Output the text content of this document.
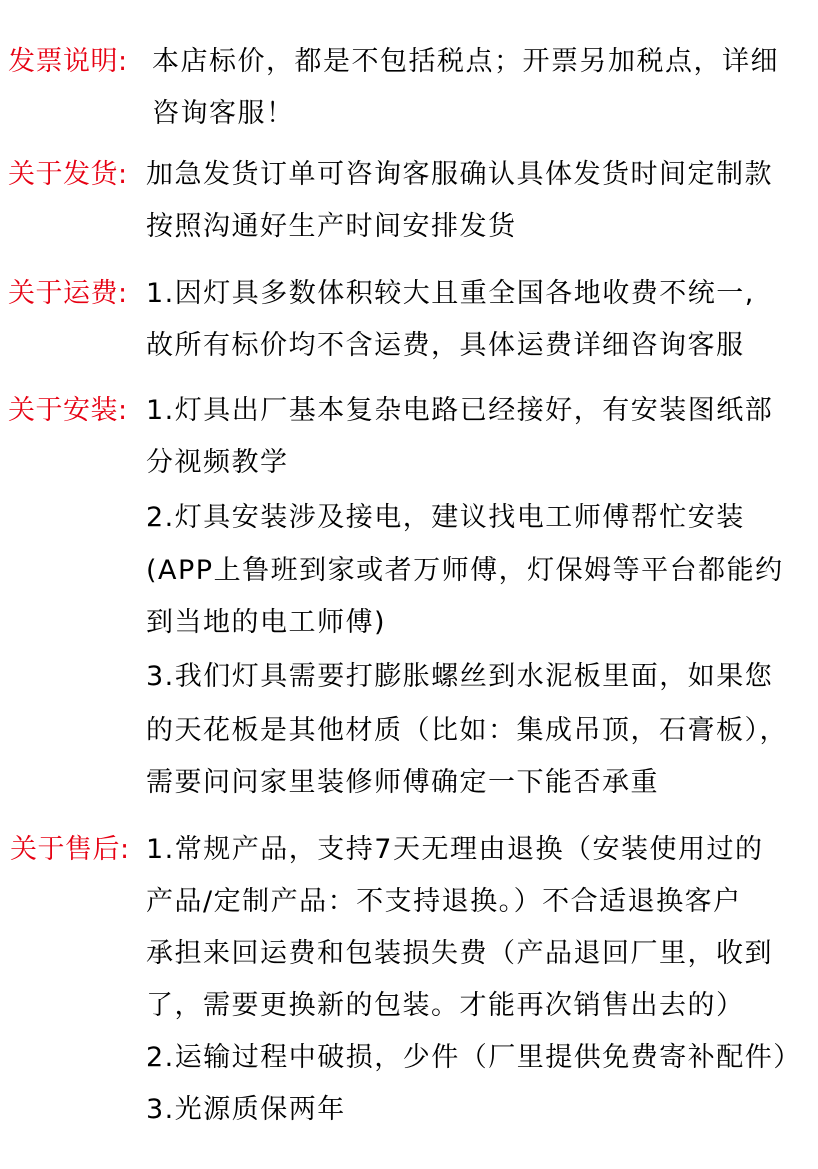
发票说明: 本店标价，都是不包括税点；开票另加税点，详细
咨询客服！
关于发货: 加急发货订单可咨询客服确认具体发货时间定制款
按照沟通好生产时间安排发货
关于运费: 1.因灯具多数体积较大且重全国各地收费不统一,
故所有标价均不含运费，具体运费详细咨询客服
关于安装: 1.灯具出厂基本复杂电路已经接好，有安装图纸部
分视频教学
2.灯具安装涉及接电，建议找电工师傅帮忙安装
(APP上鲁班到家或者万师傅，灯保姆等平台都能约
到当地的电工师傅)
3.我们灯具需要打膨胀螺丝到水泥板里面，如果您
的天花板是其他材质（比如：集成吊顶，石膏板），
需要问问家里装修师傅确定一下能否承重
关于售后: 1.常规产品，支持7天无理由退换（安装使用过的
产品/定制产品：不支持退换。）不合适退换客户
承担来回运费和包装损失费（产品退回厂里，收到
了，需要更换新的包装。才能再次销售出去的）
2.运输过程中破损，少件（厂里提供免费寄补配件）
3.光源质保两年
